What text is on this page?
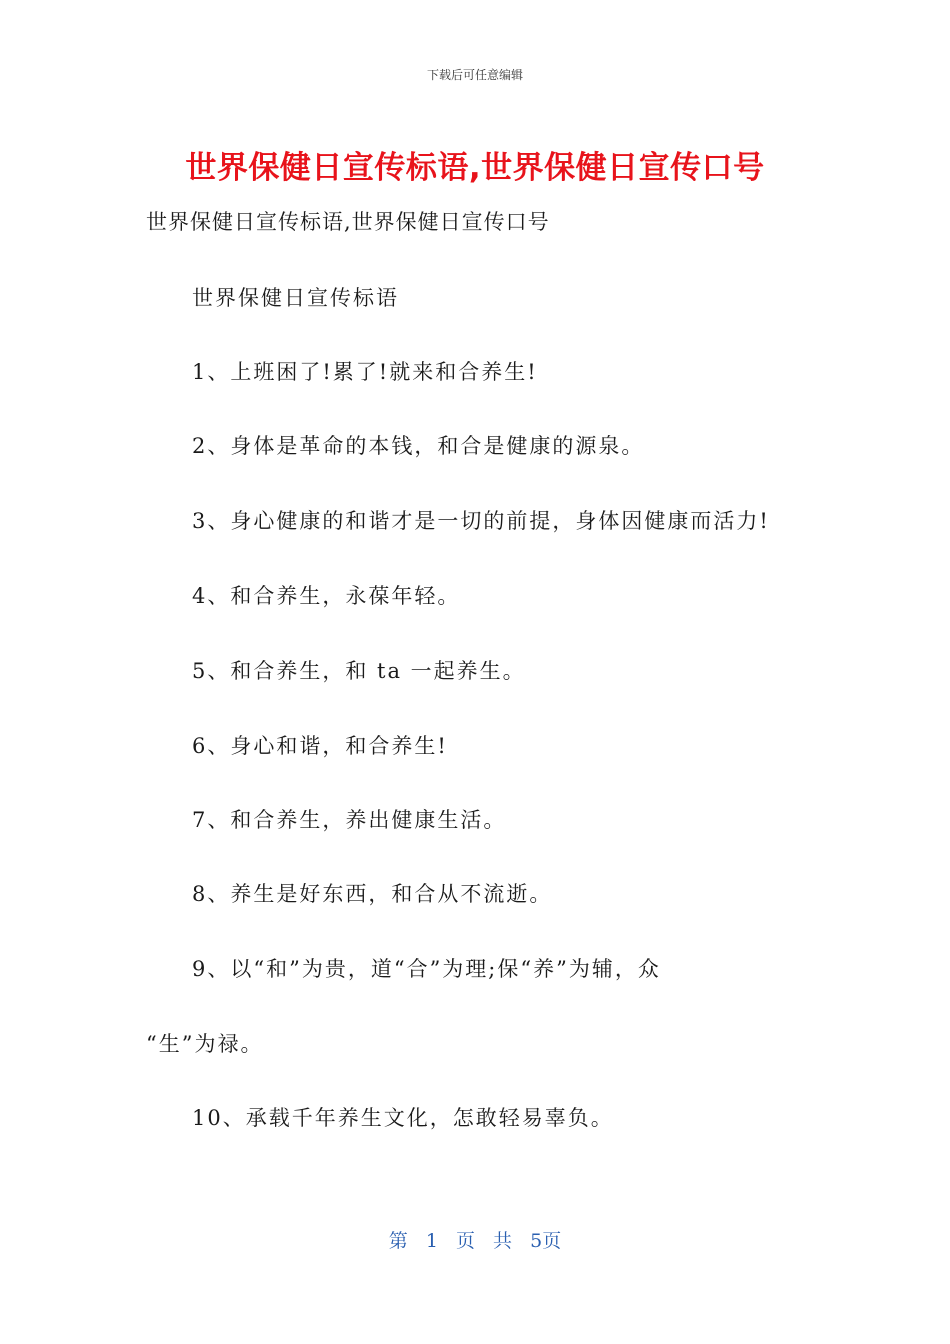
下载后可任意编辑
世界保健日宣传标语,世界保健日宣传口号
世界保健日宣传标语,世界保健日宣传口号
世界保健日宣传标语
1、上班困了!累了!就来和合养生!
2、身体是革命的本钱，和合是健康的源泉。
3、身心健康的和谐才是一切的前提，身体因健康而活力!
4、和合养生，永葆年轻。
5、和合养生，和 ta 一起养生。
6、身心和谐，和合养生!
7、和合养生，养出健康生活。
8、养生是好东西，和合从不流逝。
9、以“和”为贵，道“合”为理;保“养”为辅，众
“生”为禄。
10、承载千年养生文化，怎敢轻易辜负。
第 1 页 共 5页
